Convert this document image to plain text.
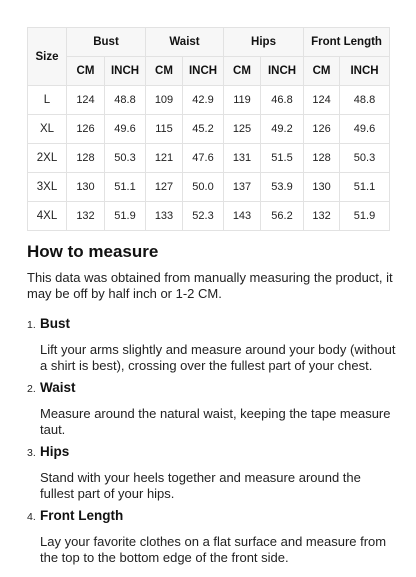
Size	Bust		Waist		Hips		Front Length	
	CM	INCH	CM	INCH	CM	INCH	CM	INCH
L	124	48.8	109	42.9	119	46.8	124	48.8
XL	126	49.6	115	45.2	125	49.2	126	49.6
2XL	128	50.3	121	47.6	131	51.5	128	50.3
3XL	130	51.1	127	50.0	137	53.9	130	51.1
4XL	132	51.9	133	52.3	143	56.2	132	51.9
How to measure

This data was obtained from manually measuring the product, it may be off by half inch or 1-2 CM.

1. Bust
Lift your arms slightly and measure around your body (without a shirt is best), crossing over the fullest part of your chest.
2. Waist
Measure around the natural waist, keeping the tape measure taut.
3. Hips
Stand with your heels together and measure around the fullest part of your hips.
4. Front Length
Lay your favorite clothes on a flat surface and measure from the top to the bottom edge of the front side.
